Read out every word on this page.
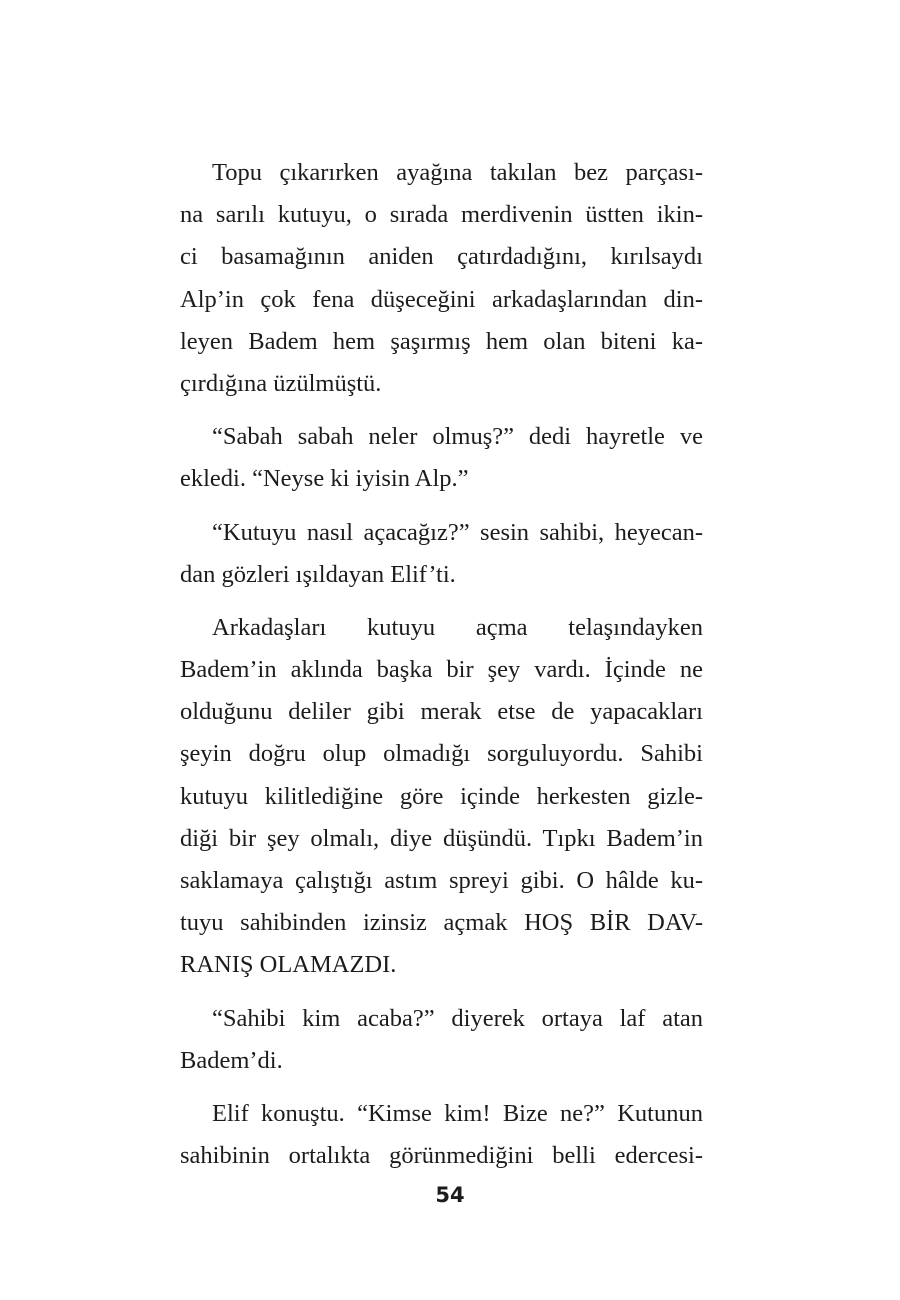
Topu çıkarırken ayağına takılan bez parçası-
na sarılı kutuyu, o sırada merdivenin üstten ikin-
ci basamağının aniden çatırdadığını, kırılsaydı
Alp’in çok fena düşeceğini arkadaşlarından din-
leyen Badem hem şaşırmış hem olan biteni ka-
çırdığına üzülmüştü.
“Sabah sabah neler olmuş?” dedi hayretle ve
ekledi. “Neyse ki iyisin Alp.”
“Kutuyu nasıl açacağız?” sesin sahibi, heyecan-
dan gözleri ışıldayan Elif’ti.
Arkadaşları kutuyu açma telaşındayken
Badem’in aklında başka bir şey vardı. İçinde ne
olduğunu deliler gibi merak etse de yapacakları
şeyin doğru olup olmadığı sorguluyordu. Sahibi
kutuyu kilitlediğine göre içinde herkesten gizle-
diği bir şey olmalı, diye düşündü. Tıpkı Badem’in
saklamaya çalıştığı astım spreyi gibi. O hâlde ku-
tuyu sahibinden izinsiz açmak HOŞ BİR DAV-
RANIŞ OLAMAZDI.
“Sahibi kim acaba?” diyerek ortaya laf atan
Badem’di.
Elif konuştu. “Kimse kim! Bize ne?” Kutunun
sahibinin ortalıkta görünmediğini belli edercesi-
54
